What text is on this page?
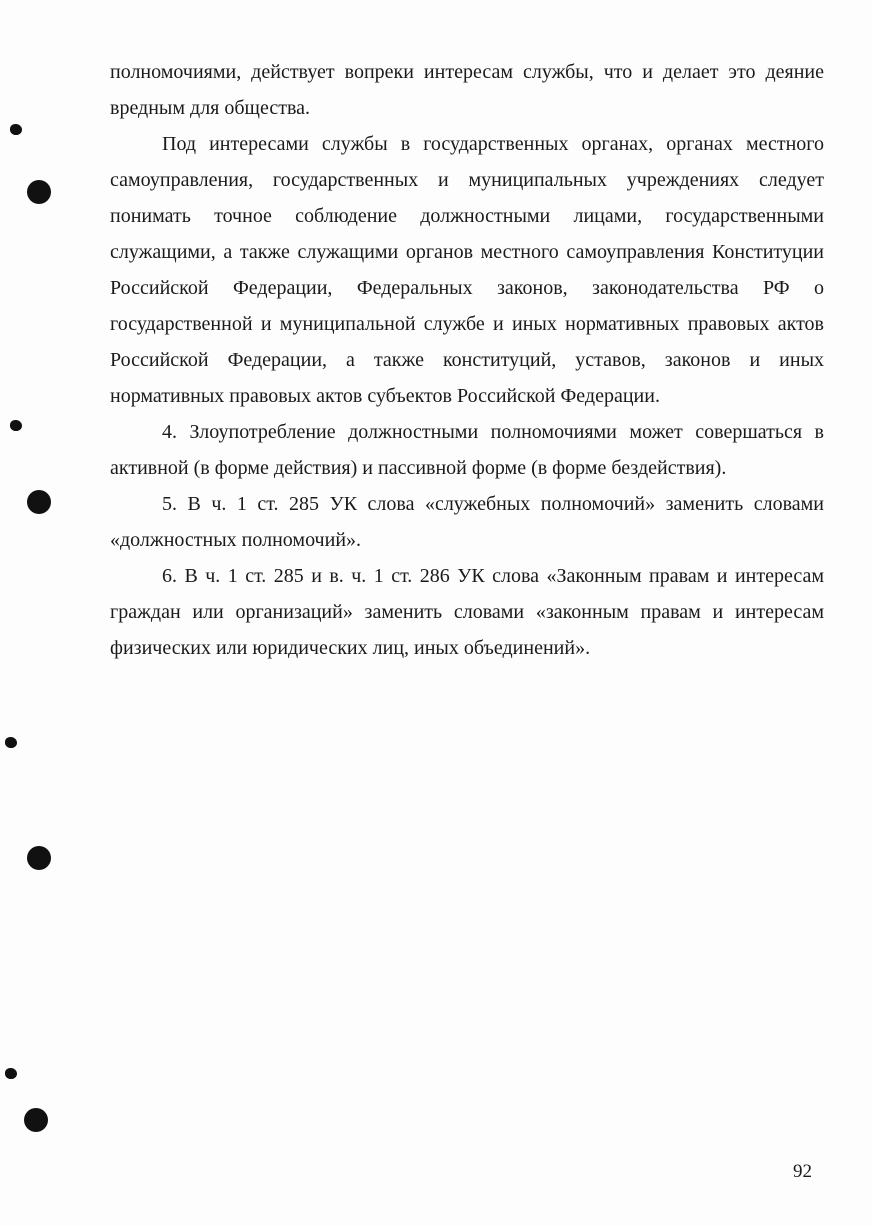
полномочиями, действует вопреки интересам службы, что и делает это деяние вредным для общества.

Под интересами службы в государственных органах, органах местного самоуправления, государственных и муниципальных учреждениях следует понимать точное соблюдение должностными лицами, государственными служащими, а также служащими органов местного самоуправления Конституции Российской Федерации, Федеральных законов, законодательства РФ о государственной и муниципальной службе и иных нормативных правовых актов Российской Федерации, а также конституций, уставов, законов и иных нормативных правовых актов субъектов Российской Федерации.

4. Злоупотребление должностными полномочиями может совершаться в активной (в форме действия) и пассивной форме (в форме бездействия).

5. В ч. 1 ст. 285 УК слова «служебных полномочий» заменить словами «должностных полномочий».

6. В ч. 1 ст. 285 и в. ч. 1 ст. 286 УК слова «Законным правам и интересам граждан или организаций» заменить словами «законным правам и интересам физических или юридических лиц, иных объединений».

92
